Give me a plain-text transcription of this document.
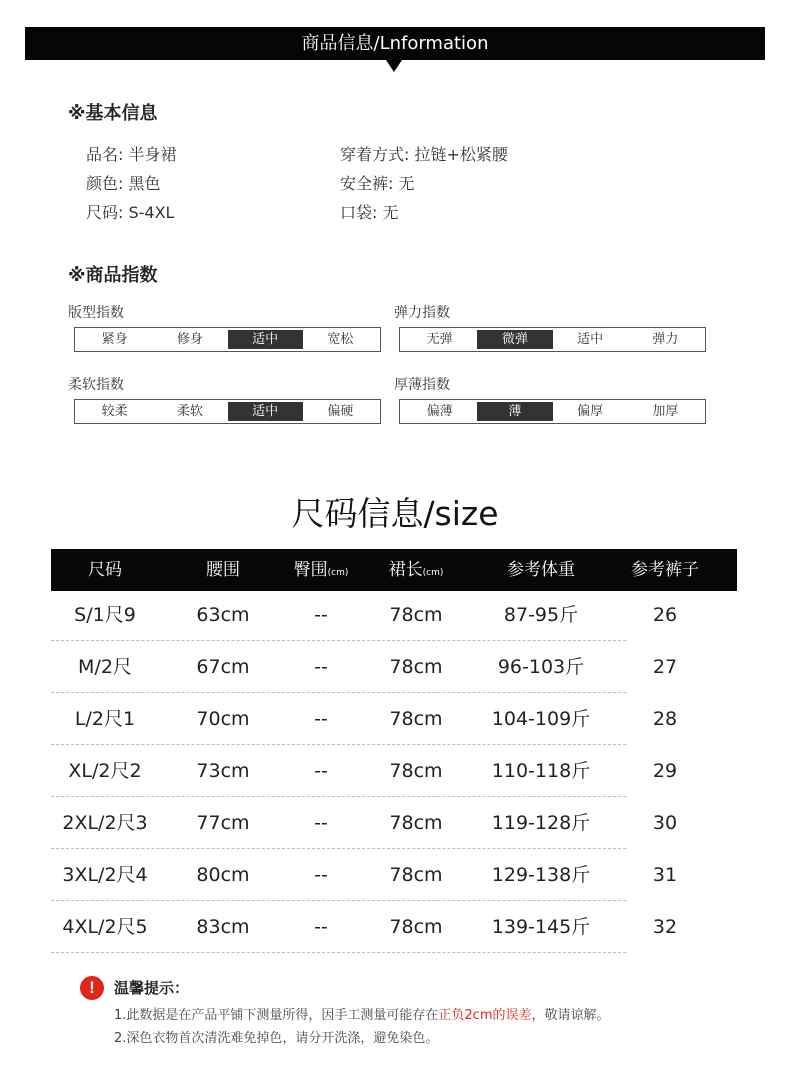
商品信息/Lnformation
※基本信息
品名: 半身裙
颜色: 黑色
尺码: S-4XL
穿着方式: 拉链+松紧腰
安全裤: 无
口袋: 无
※商品指数
版型指数
紧身	修身	适中	宽松
弹力指数
无弹	微弹	适中	弹力
柔软指数
较柔	柔软	适中	偏硬
厚薄指数
偏薄	薄	偏厚	加厚
尺码信息/size
尺码	腰围	臀围(cm)	裙长(cm)	参考体重	参考裤子
S/1尺9	63cm	--	78cm	87-95斤	26
M/2尺	67cm	--	78cm	96-103斤	27
L/2尺1	70cm	--	78cm	104-109斤	28
XL/2尺2	73cm	--	78cm	110-118斤	29
2XL/2尺3	77cm	--	78cm	119-128斤	30
3XL/2尺4	80cm	--	78cm	129-138斤	31
4XL/2尺5	83cm	--	78cm	139-145斤	32
!	温馨提示：
1.此数据是在产品平铺下测量所得，因手工测量可能存在正负2cm的误差，敬请谅解。
2.深色衣物首次清洗难免掉色，请分开洗涤，避免染色。
